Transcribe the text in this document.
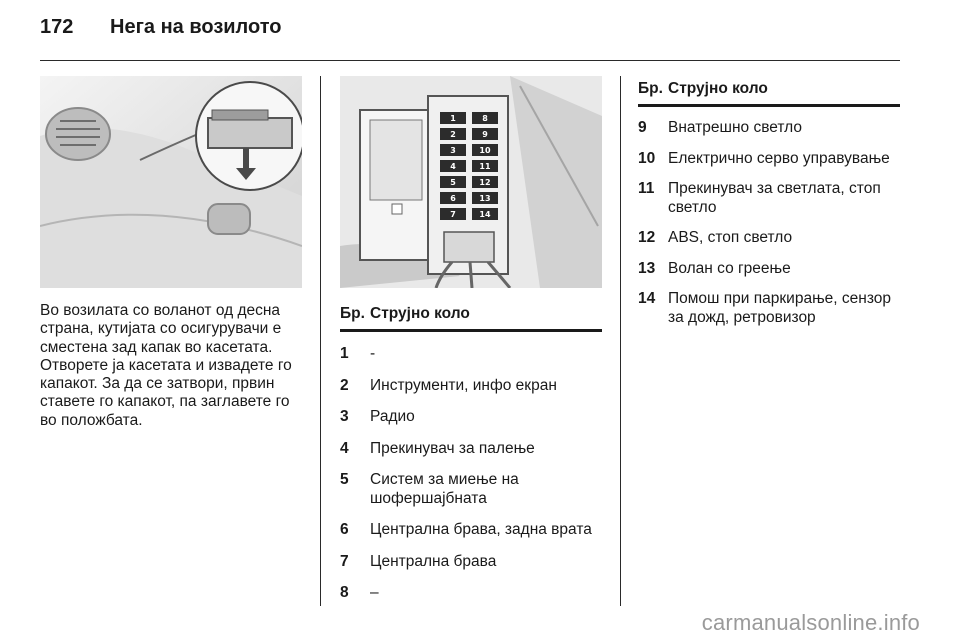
172	Нега на возилото
1	8
2	9
3	10
4	11
5	12
6	13
7	14
Во возилата со воланот од десна страна, кутијата со осигурувачи е сместена зад капак во касетата. Отворете ја касетата и извадете го капакот. За да се затвори, првин ставете го капакот, па заглавете го во положбата.
Бр. Струјно коло
1	-
2	Инструменти, инфо екран
3	Радио
4	Прекинувач за палење
5	Систем за миење на шофершајбната
6	Централна брава, задна врата
7	Централна брава
8	–
Бр. Струјно коло
9	Внатрешно светло
10 Електрично серво управување
11 Прекинувач за светлата, стоп светло
12 ABS, стоп светло
13 Волан со греење
14 Помош при паркирање, сензор за дожд, ретровизор
carmanualsonline.info
